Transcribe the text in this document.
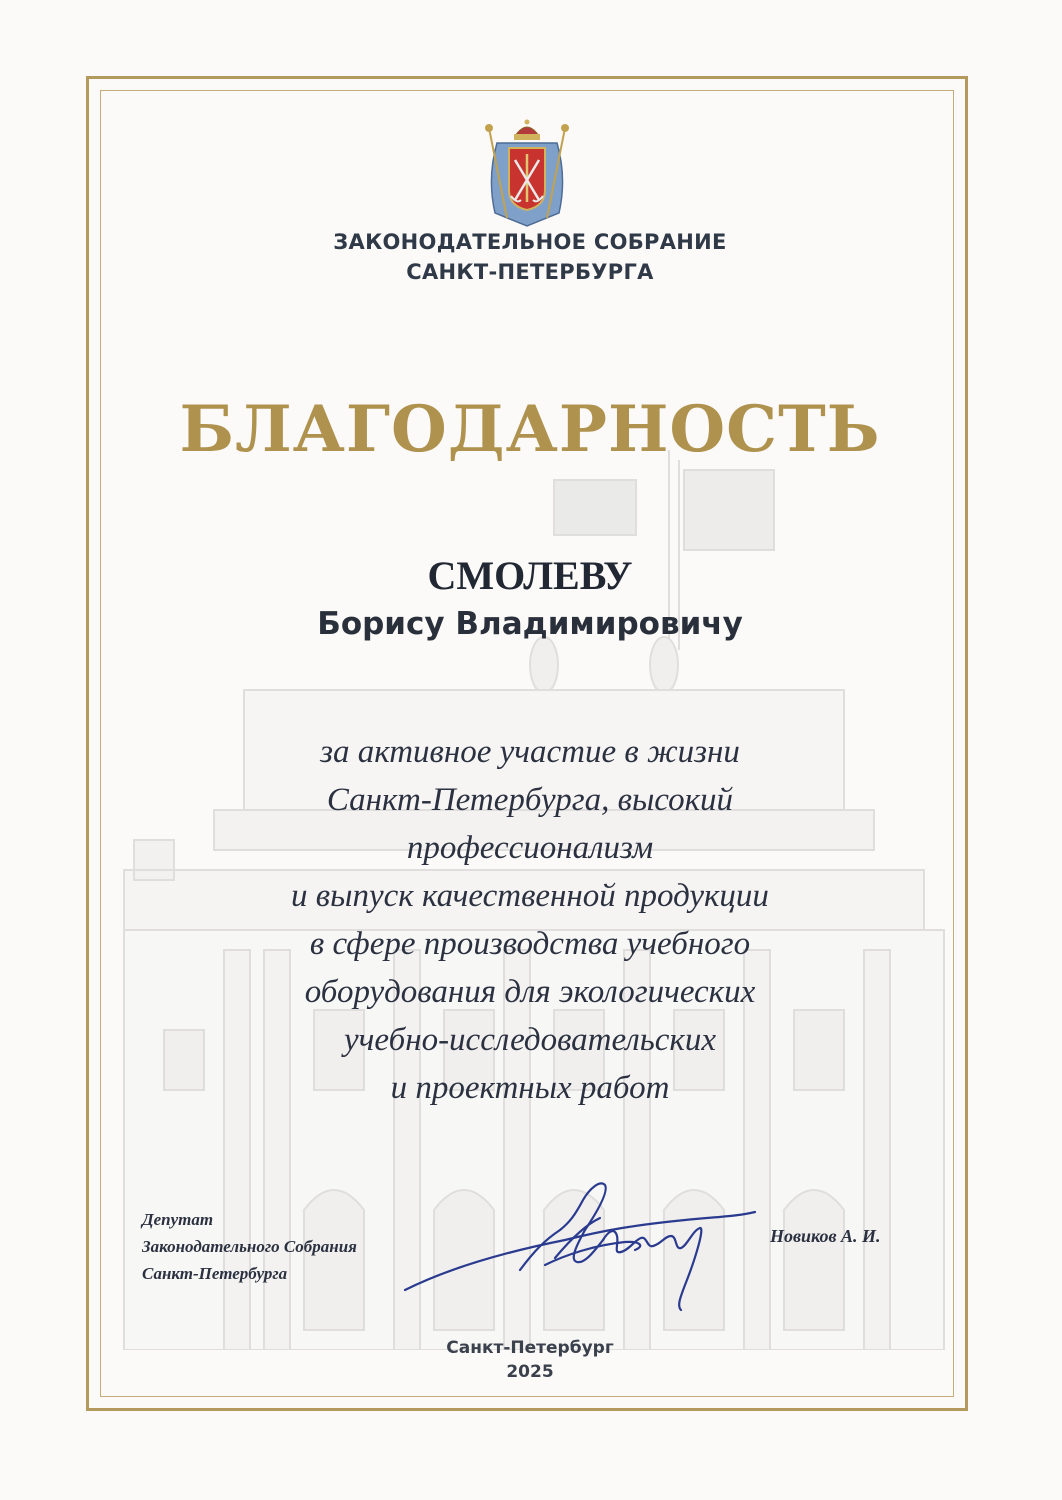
ЗАКОНОДАТЕЛЬНОЕ СОБРАНИЕ
САНКТ-ПЕТЕРБУРГА
БЛАГОДАРНОСТЬ
СМОЛЕВУ
Борису Владимировичу
за активное участие в жизни
Санкт-Петербурга, высокий
профессионализм
и выпуск качественной продукции
в сфере производства учебного
оборудования для экологических
учебно-исследовательских
и проектных работ
Депутат
Законодательного Собрания
Санкт-Петербурга
Новиков А. И.
Санкт-Петербург
2025
